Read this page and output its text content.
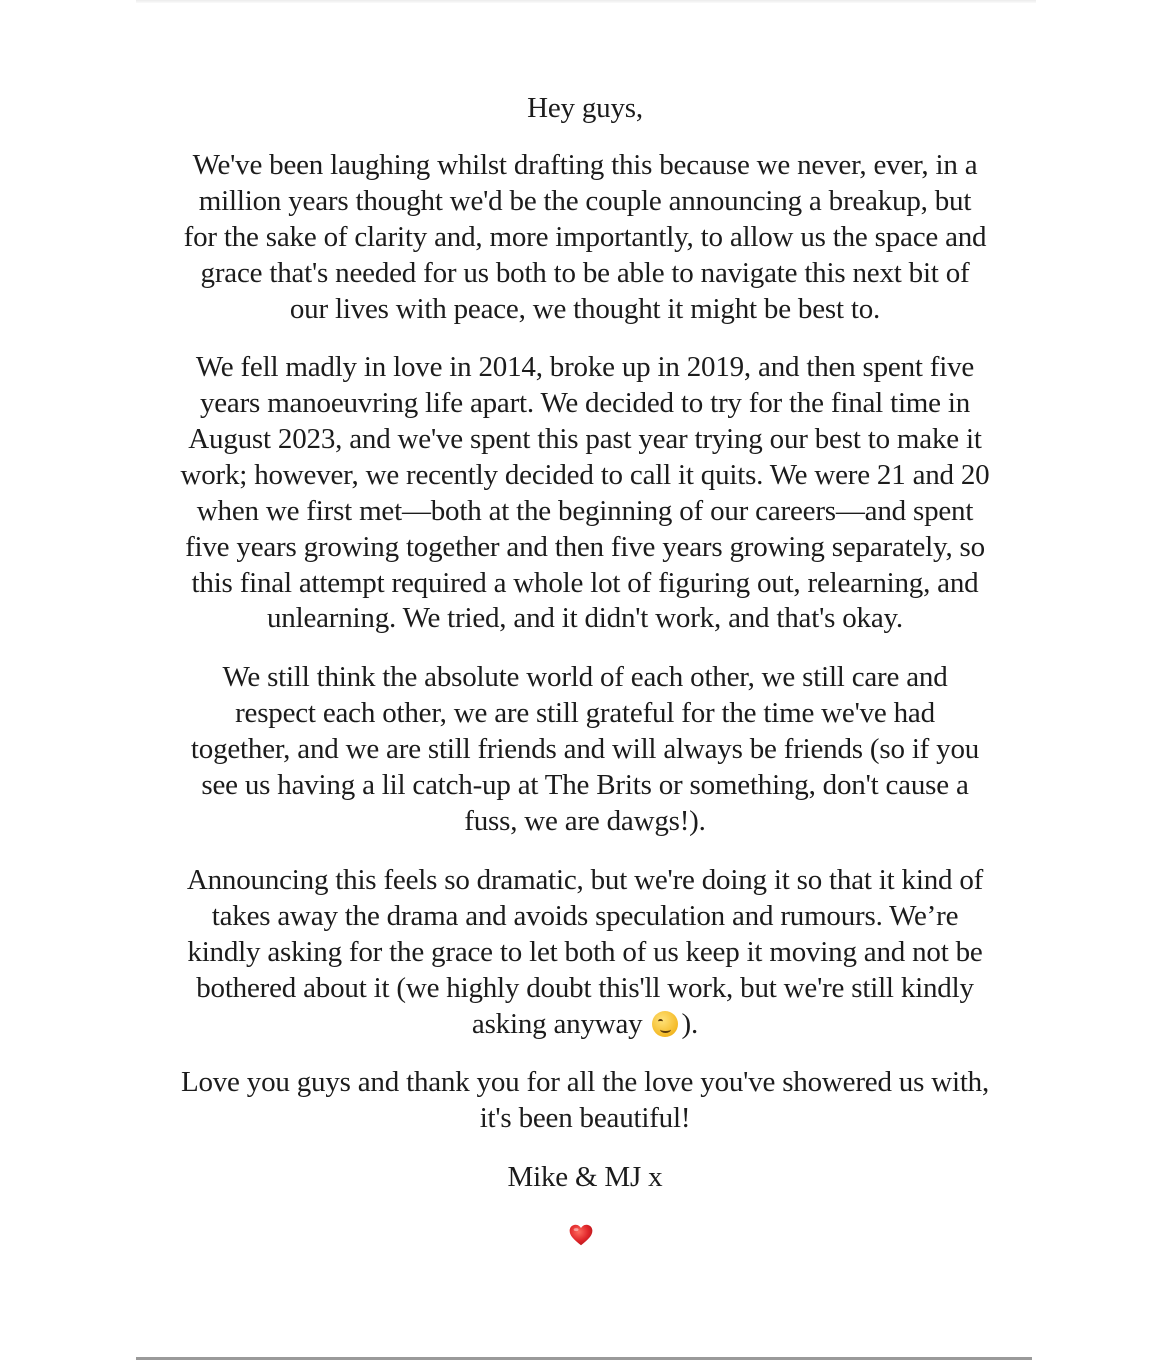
Hey guys,
We've been laughing whilst drafting this because we never, ever, in a
million years thought we'd be the couple announcing a breakup, but
for the sake of clarity and, more importantly, to allow us the space and
grace that's needed for us both to be able to navigate this next bit of
our lives with peace, we thought it might be best to.
We fell madly in love in 2014, broke up in 2019, and then spent five
years manoeuvring life apart. We decided to try for the final time in
August 2023, and we've spent this past year trying our best to make it
work; however, we recently decided to call it quits. We were 21 and 20
when we first met—both at the beginning of our careers—and spent
five years growing together and then five years growing separately, so
this final attempt required a whole lot of figuring out, relearning, and
unlearning. We tried, and it didn't work, and that's okay.
We still think the absolute world of each other, we still care and
respect each other, we are still grateful for the time we've had
together, and we are still friends and will always be friends (so if you
see us having a lil catch-up at The Brits or something, don't cause a
fuss, we are dawgs!).
Announcing this feels so dramatic, but we're doing it so that it kind of
takes away the drama and avoids speculation and rumours. We’re
kindly asking for the grace to let both of us keep it moving and not be
bothered about it (we highly doubt this'll work, but we're still kindly
asking anyway ).
Love you guys and thank you for all the love you've showered us with,
it's been beautiful!
Mike & MJ x
